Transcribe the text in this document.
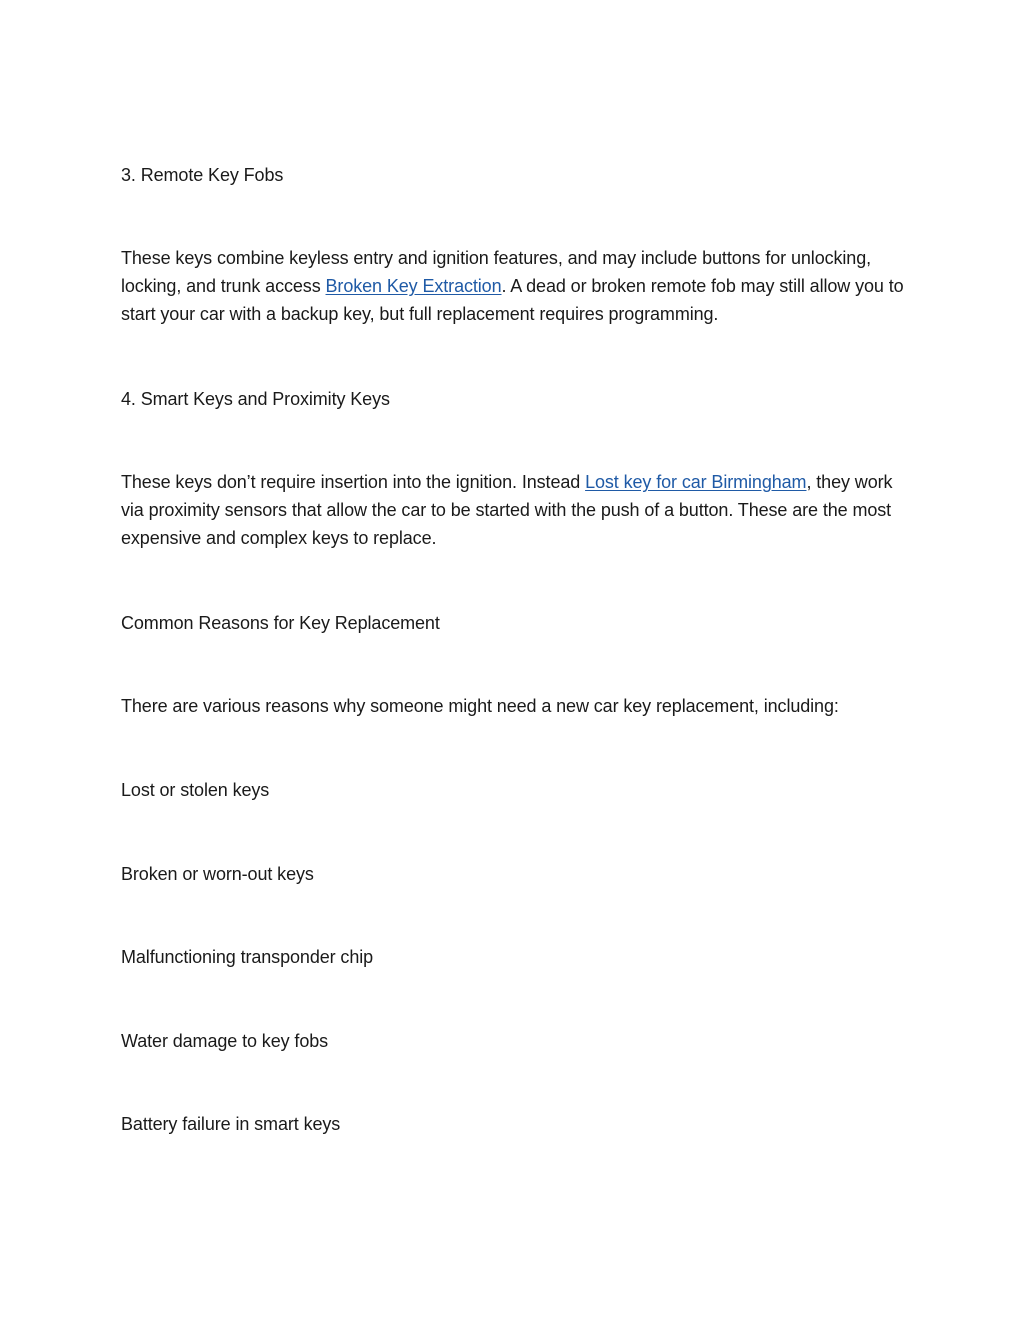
3. Remote Key Fobs
These keys combine keyless entry and ignition features, and may include buttons for unlocking, locking, and trunk access Broken Key Extraction. A dead or broken remote fob may still allow you to start your car with a backup key, but full replacement requires programming.
4. Smart Keys and Proximity Keys
These keys don’t require insertion into the ignition. Instead Lost key for car Birmingham, they work via proximity sensors that allow the car to be started with the push of a button. These are the most expensive and complex keys to replace.
Common Reasons for Key Replacement
There are various reasons why someone might need a new car key replacement, including:
Lost or stolen keys
Broken or worn-out keys
Malfunctioning transponder chip
Water damage to key fobs
Battery failure in smart keys
